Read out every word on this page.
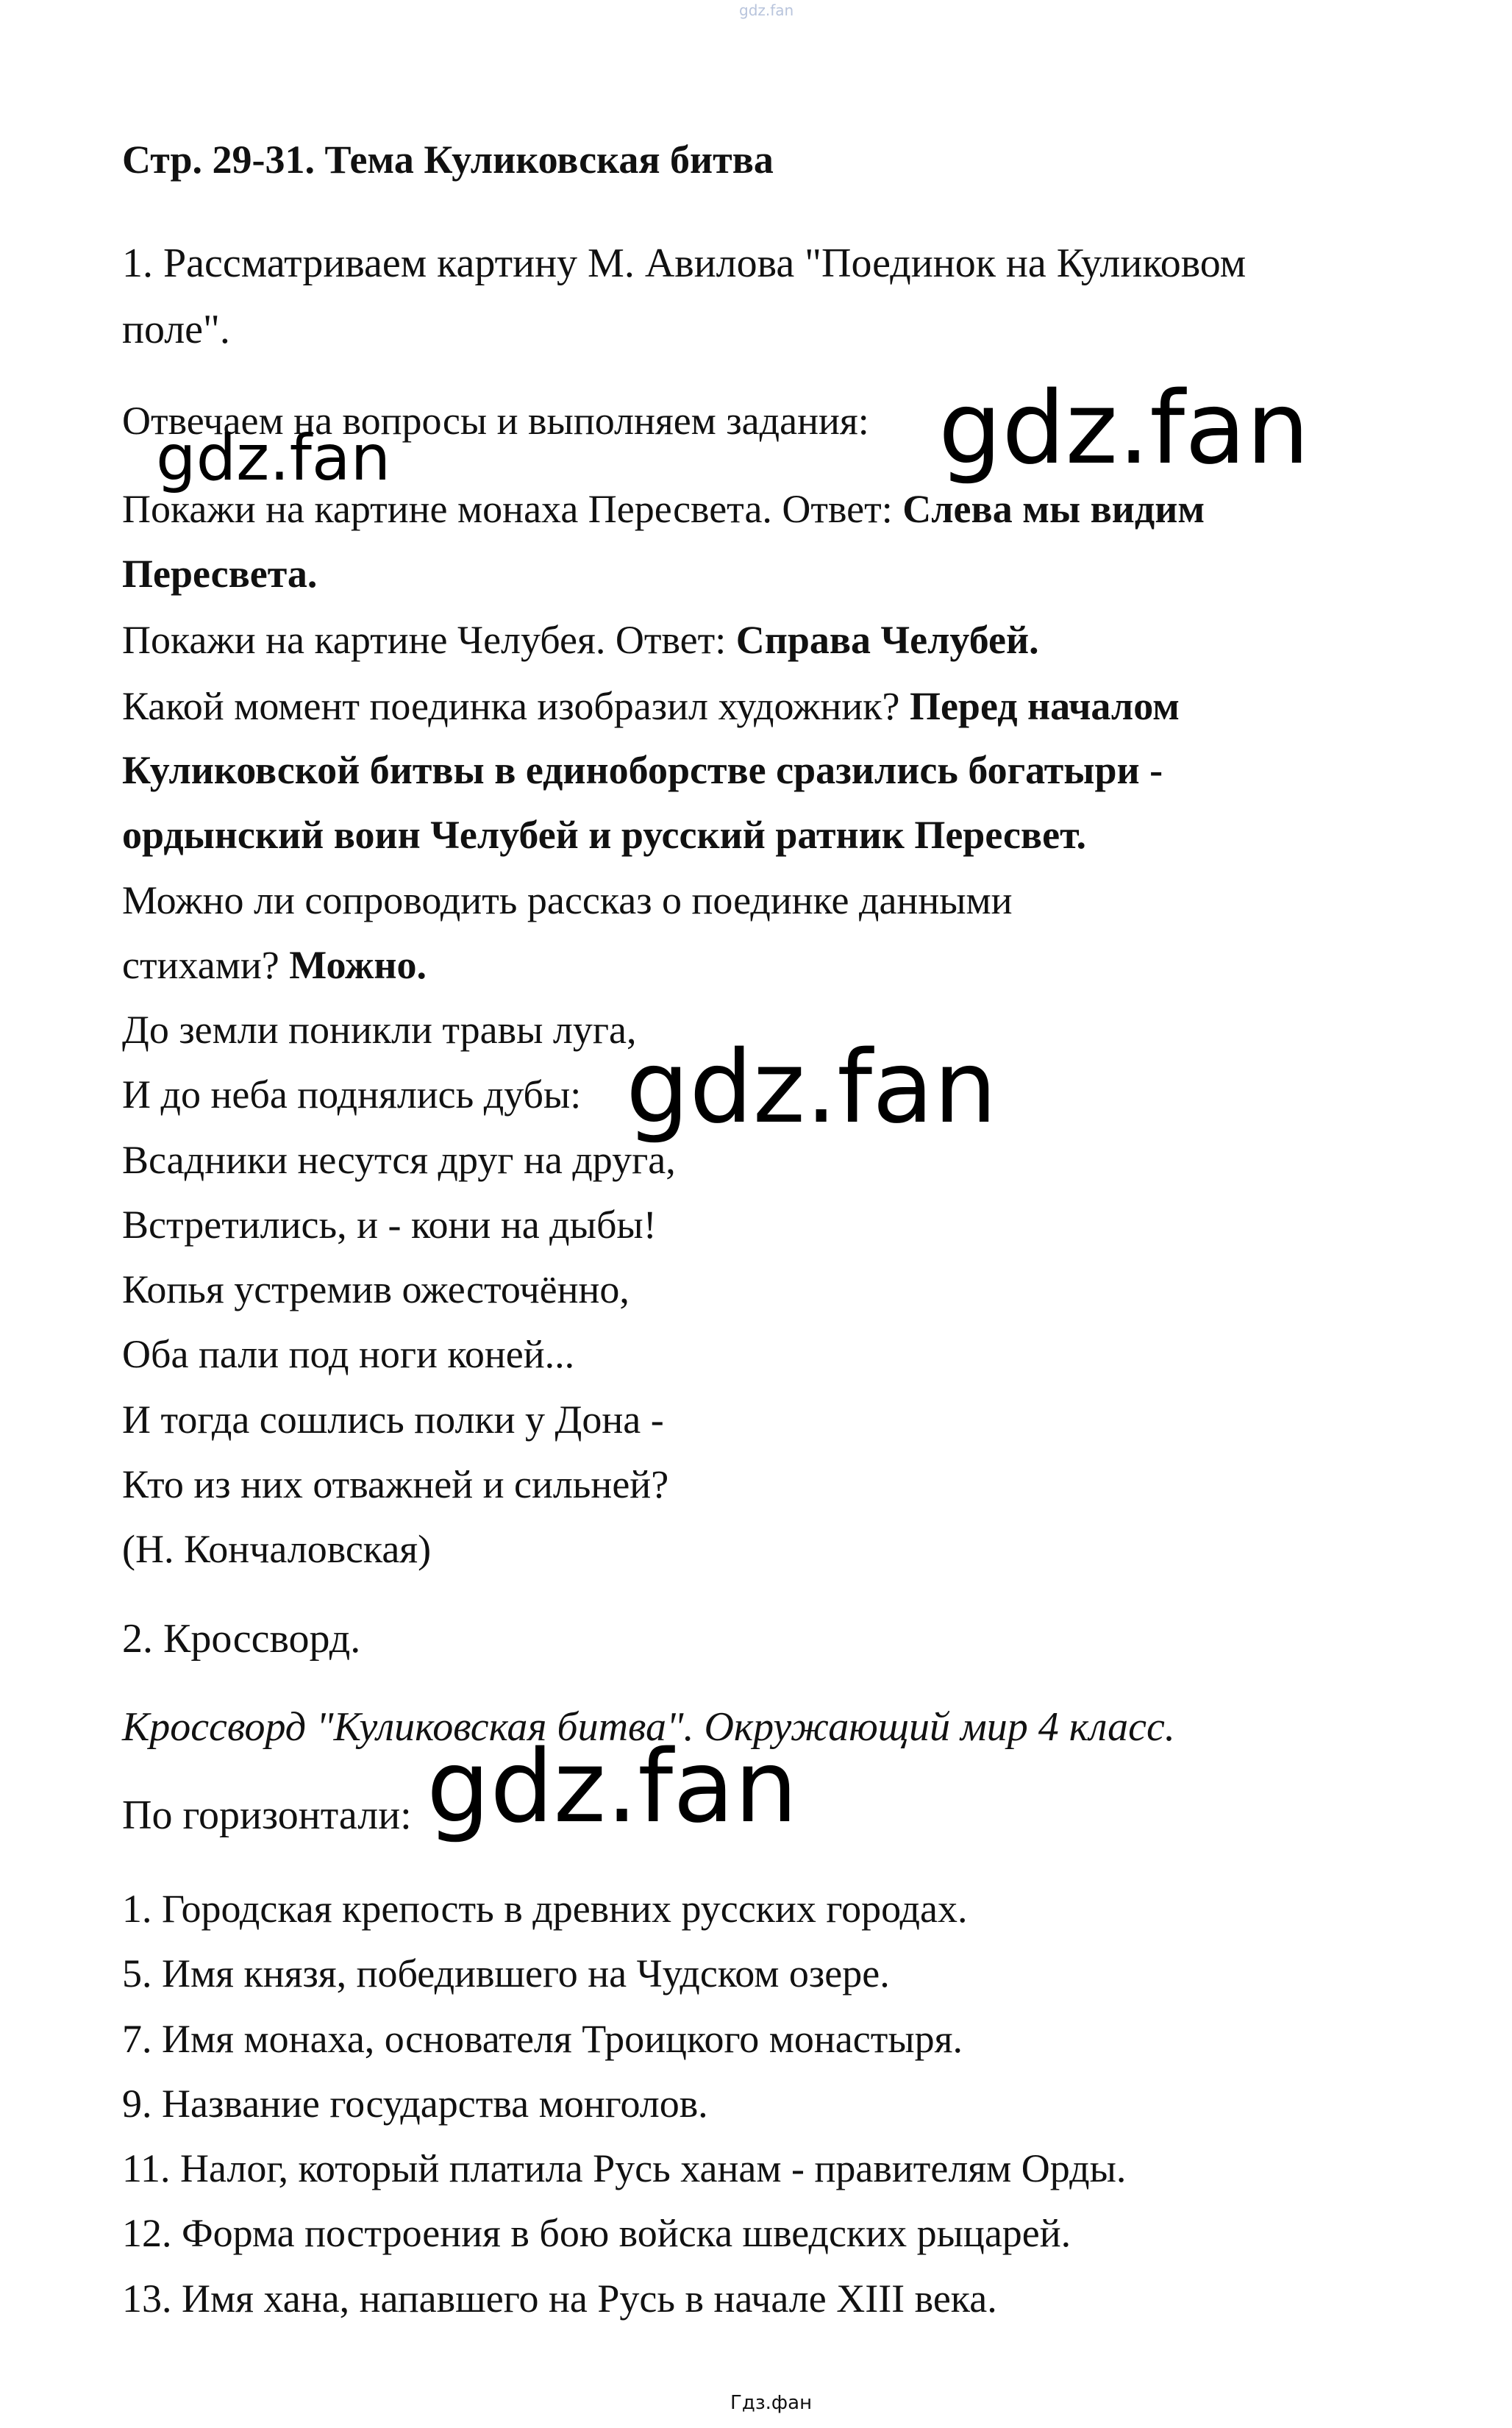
gdz.fan
Стр. 29-31. Тема Куликовская битва
1. Рассматриваем картину М. Авилова "Поединок на Куликовом
поле".
Отвечаем на вопросы и выполняем задания:
Покажи на картине монаха Пересвета. Ответ: Слева мы видим
Пересвета.
Покажи на картине Челубея. Ответ: Справа Челубей.
Какой момент поединка изобразил художник? Перед началом
Куликовской битвы в единоборстве сразились богатыри -
ордынский воин Челубей и русский ратник Пересвет.
Можно ли сопроводить рассказ о поединке данными
стихами? Можно.
До земли поникли травы луга,
И до неба поднялись дубы:
Всадники несутся друг на друга,
Встретились, и - кони на дыбы!
Копья устремив ожесточённо,
Оба пали под ноги коней...
И тогда сошлись полки у Дона -
Кто из них отважней и сильней?
(Н. Кончаловская)
2. Кроссворд.
Кроссворд "Куликовская битва". Окружающий мир 4 класс.
По горизонтали:
1. Городская крепость в древних русских городах.
5. Имя князя, победившего на Чудском озере.
7. Имя монаха, основателя Троицкого монастыря.
9. Название государства монголов.
11. Налог, который платила Русь ханам - правителям Орды.
12. Форма построения в бою войска шведских рыцарей.
13. Имя хана, напавшего на Русь в начале XIII века.
gdz.fan
gdz.fan
gdz.fan
gdz.fan
Гдз.фан
